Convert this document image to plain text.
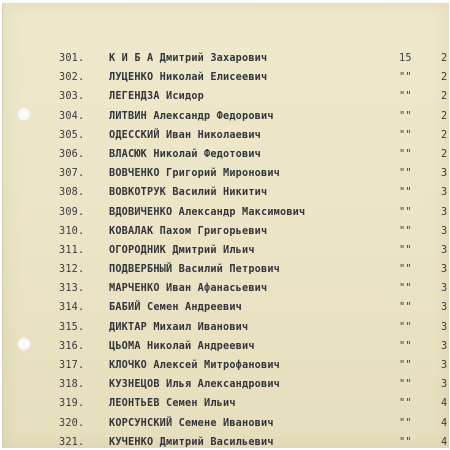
301.	К И Б А Дмитрий Захарович	15	2
302.	ЛУЦЕНКО Николай Елисеевич	""	2
303.	ЛЕГЕНДЗА Исидор	""	2
304.	ЛИТВИН Александр Федорович	""	2
305.	ОДЕССКИЙ Иван Николаевич	""	2
306.	ВЛАСЮК Николай Федотович	""	2
307.	ВОВЧЕНКО Григорий Миронович	""	3
308.	ВОВКОТРУК Василий Никитич	""	3
309.	ВДОВИЧЕНКО Александр Максимович	""	3
310.	КОВАЛАК Пахом Григорьевич	""	3
311.	ОГОРОДНИК Дмитрий Ильич	""	3
312.	ПОДВЕРБНЫЙ Василий Петрович	""	3
313.	МАРЧЕНКО Иван Афанасьевич	""	3
314.	БАБИЙ Семен Андреевич	""	3
315.	ДИКТАР Михаил Иванович	""	3
316.	ЦЬОМА Николай Андреевич	""	3
317.	КЛОЧКО Алексей Митрофанович	""	3
318.	КУЗНЕЦОВ Илья Александрович	""	3
319.	ЛЕОНТЬЕВ Семен Ильич	""	4
320.	КОРСУНСКИЙ Семене Иванович	""	4
321.	КУЧЕНКО Дмитрий Васильевич	""	4
